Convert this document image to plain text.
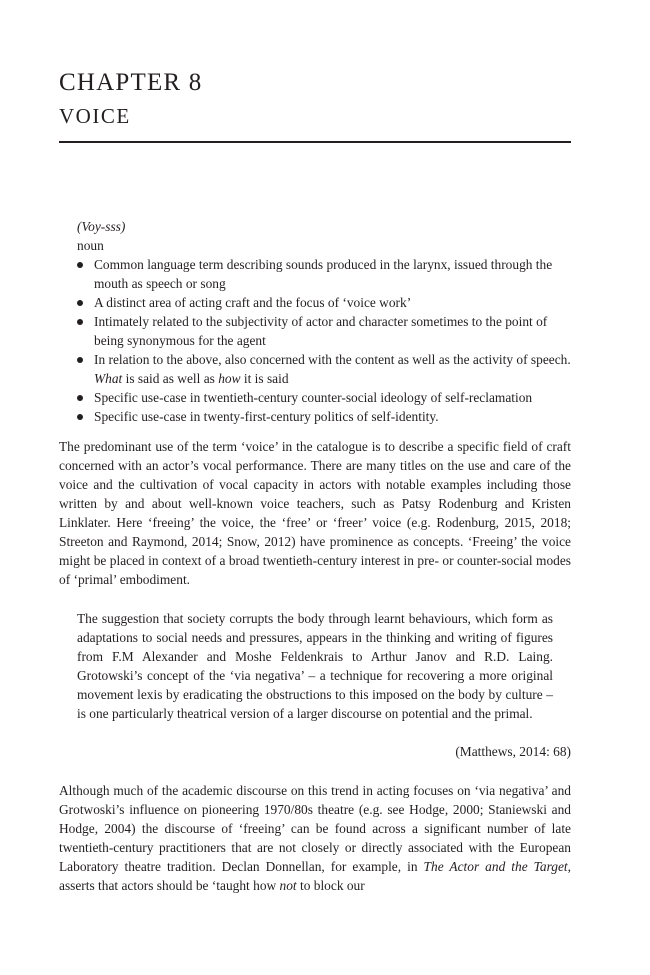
CHAPTER 8
VOICE
(Voy-sss)
noun
Common language term describing sounds produced in the larynx, issued through the mouth as speech or song
A distinct area of acting craft and the focus of ‘voice work’
Intimately related to the subjectivity of actor and character sometimes to the point of being synonymous for the agent
In relation to the above, also concerned with the content as well as the activity of speech. What is said as well as how it is said
Specific use-case in twentieth-century counter-social ideology of self-reclamation
Specific use-case in twenty-first-century politics of self-identity.

The predominant use of the term ‘voice’ in the catalogue is to describe a specific field of craft concerned with an actor’s vocal performance. There are many titles on the use and care of the voice and the cultivation of vocal capacity in actors with notable examples including those written by and about well-known voice teachers, such as Patsy Rodenburg and Kristen Linklater. Here ‘freeing’ the voice, the ‘free’ or ‘freer’ voice (e.g. Rodenburg, 2015, 2018; Streeton and Raymond, 2014; Snow, 2012) have prominence as concepts. ‘Freeing’ the voice might be placed in context of a broad twentieth-century interest in pre- or counter-social modes of ‘primal’ embodiment.

The suggestion that society corrupts the body through learnt behaviours, which form as adaptations to social needs and pressures, appears in the thinking and writing of figures from F.M Alexander and Moshe Feldenkrais to Arthur Janov and R.D. Laing. Grotowski’s concept of the ‘via negativa’ – a technique for recovering a more original movement lexis by eradicating the obstructions to this imposed on the body by culture – is one particularly theatrical version of a larger discourse on potential and the primal.

(Matthews, 2014: 68)

Although much of the academic discourse on this trend in acting focuses on ‘via negativa’ and Grotwoski’s influence on pioneering 1970/80s theatre (e.g. see Hodge, 2000; Staniewski and Hodge, 2004) the discourse of ‘freeing’ can be found across a significant number of late twentieth-century practitioners that are not closely or directly associated with the European Laboratory theatre tradition. Declan Donnellan, for example, in The Actor and the Target, asserts that actors should be ‘taught how not to block our
